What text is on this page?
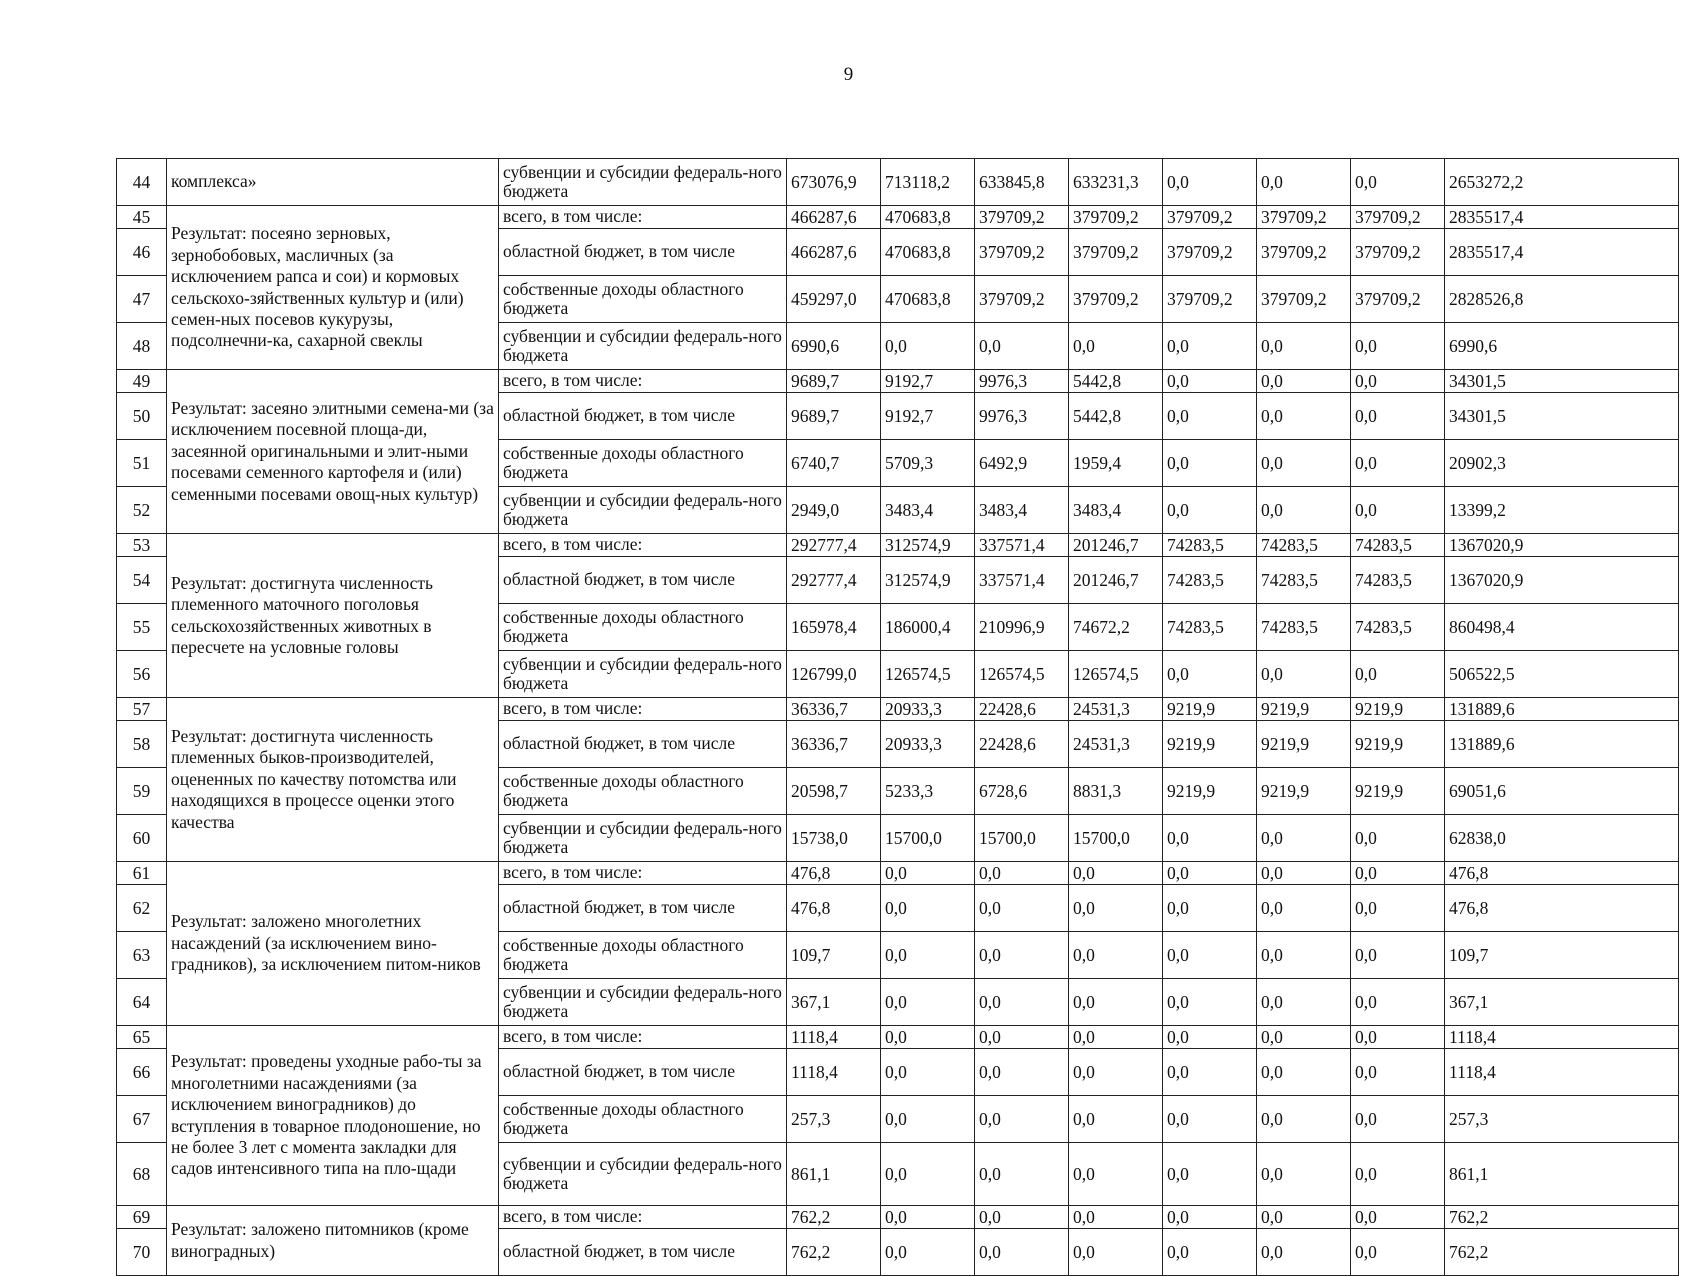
9
44	комплекса»	субвенции и субсидии федераль-ного бюджета	673076,9	713118,2	633845,8	633231,3	0,0	0,0	0,0	2653272,2
45	Результат: посеяно зерновых, зернобобовых, масличных (за исключением рапса и сои) и кормовых сельскохо-зяйственных культур и (или) семен-ных посевов кукурузы, подсолнечни-ка, сахарной свеклы	всего, в том числе:	466287,6	470683,8	379709,2	379709,2	379709,2	379709,2	379709,2	2835517,4
46		областной бюджет, в том числе	466287,6	470683,8	379709,2	379709,2	379709,2	379709,2	379709,2	2835517,4
47		собственные доходы областного бюджета	459297,0	470683,8	379709,2	379709,2	379709,2	379709,2	379709,2	2828526,8
48		субвенции и субсидии федераль-ного бюджета	6990,6	0,0	0,0	0,0	0,0	0,0	0,0	6990,6
49	Результат: засеяно элитными семена-ми (за исключением посевной площа-ди, засеянной оригинальными и элит-ными посевами семенного картофеля и (или) семенными посевами овощ-ных культур)	всего, в том числе:	9689,7	9192,7	9976,3	5442,8	0,0	0,0	0,0	34301,5
50		областной бюджет, в том числе	9689,7	9192,7	9976,3	5442,8	0,0	0,0	0,0	34301,5
51		собственные доходы областного бюджета	6740,7	5709,3	6492,9	1959,4	0,0	0,0	0,0	20902,3
52		субвенции и субсидии федераль-ного бюджета	2949,0	3483,4	3483,4	3483,4	0,0	0,0	0,0	13399,2
53	Результат: достигнута численность племенного маточного поголовья сельскохозяйственных животных в пересчете на условные головы	всего, в том числе:	292777,4	312574,9	337571,4	201246,7	74283,5	74283,5	74283,5	1367020,9
54		областной бюджет, в том числе	292777,4	312574,9	337571,4	201246,7	74283,5	74283,5	74283,5	1367020,9
55		собственные доходы областного бюджета	165978,4	186000,4	210996,9	74672,2	74283,5	74283,5	74283,5	860498,4
56		субвенции и субсидии федераль-ного бюджета	126799,0	126574,5	126574,5	126574,5	0,0	0,0	0,0	506522,5
57	Результат: достигнута численность племенных быков-производителей, оцененных по качеству потомства или находящихся в процессе оценки этого качества	всего, в том числе:	36336,7	20933,3	22428,6	24531,3	9219,9	9219,9	9219,9	131889,6
58		областной бюджет, в том числе	36336,7	20933,3	22428,6	24531,3	9219,9	9219,9	9219,9	131889,6
59		собственные доходы областного бюджета	20598,7	5233,3	6728,6	8831,3	9219,9	9219,9	9219,9	69051,6
60		субвенции и субсидии федераль-ного бюджета	15738,0	15700,0	15700,0	15700,0	0,0	0,0	0,0	62838,0
61	Результат: заложено многолетних насаждений (за исключением вино-градников), за исключением питом-ников	всего, в том числе:	476,8	0,0	0,0	0,0	0,0	0,0	0,0	476,8
62		областной бюджет, в том числе	476,8	0,0	0,0	0,0	0,0	0,0	0,0	476,8
63		собственные доходы областного бюджета	109,7	0,0	0,0	0,0	0,0	0,0	0,0	109,7
64		субвенции и субсидии федераль-ного бюджета	367,1	0,0	0,0	0,0	0,0	0,0	0,0	367,1
65	Результат: проведены уходные рабо-ты за многолетними насаждениями (за исключением виноградников) до вступления в товарное плодоношение, но не более 3 лет с момента закладки для садов интенсивного типа на пло-щади	всего, в том числе:	1118,4	0,0	0,0	0,0	0,0	0,0	0,0	1118,4
66		областной бюджет, в том числе	1118,4	0,0	0,0	0,0	0,0	0,0	0,0	1118,4
67		собственные доходы областного бюджета	257,3	0,0	0,0	0,0	0,0	0,0	0,0	257,3
68		субвенции и субсидии федераль-ного бюджета	861,1	0,0	0,0	0,0	0,0	0,0	0,0	861,1
69	Результат: заложено питомников (кроме виноградных)	всего, в том числе:	762,2	0,0	0,0	0,0	0,0	0,0	0,0	762,2
70		областной бюджет, в том числе	762,2	0,0	0,0	0,0	0,0	0,0	0,0	762,2
